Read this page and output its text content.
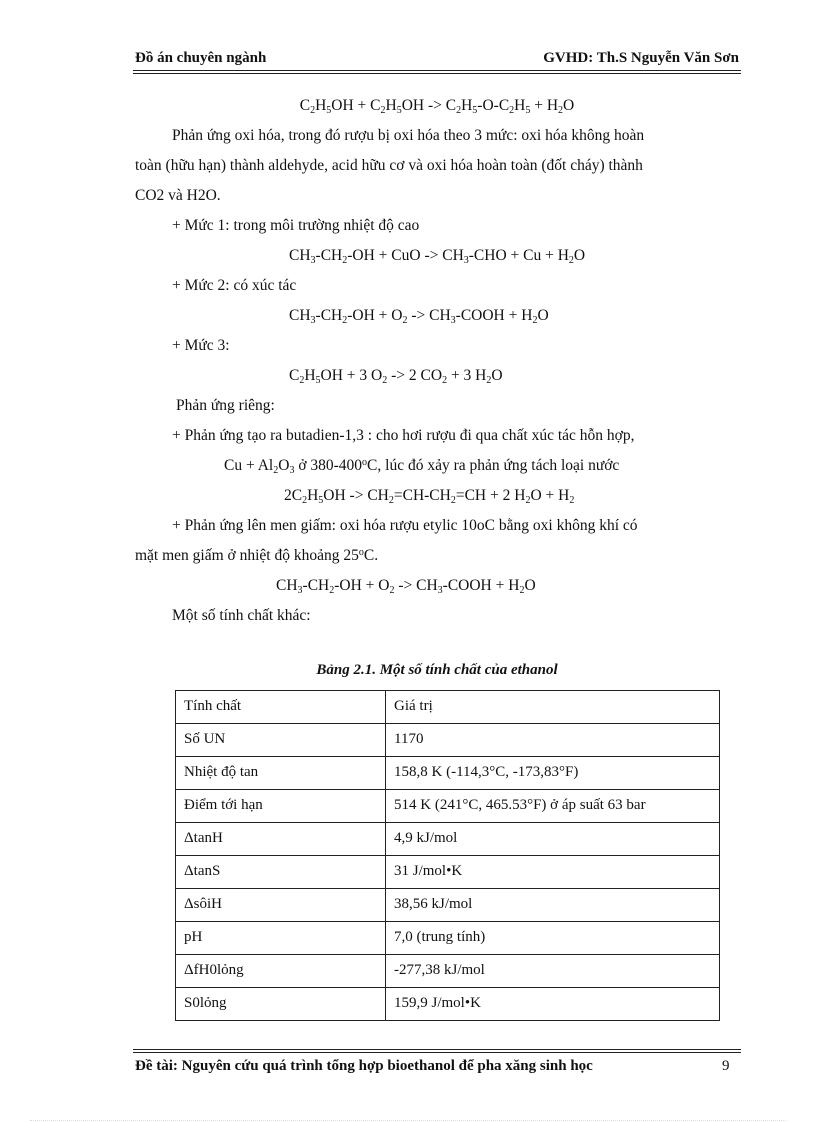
Đồ án chuyên ngành	GVHD: Th.S Nguyễn Văn Sơn
$C_2H_5OH + C_2H_5OH -> C_2H_5-O-C_2H_5 + H_2O$
Phản ứng oxi hóa, trong đó rượu bị oxi hóa theo 3 mức: oxi hóa không hoàn
toàn (hữu hạn) thành aldehyde, acid hữu cơ và oxi hóa hoàn toàn (đốt cháy) thành
CO2 và H2O.
+ Mức 1: trong môi trường nhiệt độ cao
$CH_3-CH_2-OH$ + CuO -> $CH_3$-CHO + $Cu + H_2O$
+ Mức 2: có xúc tác
$CH_3-CH_2-OH + O_2$ -> $CH_3$-COOH + $H_2O$
+ Mức 3:
$C_2H_5OH + 3$ $O_2 -> 2$ $CO_2 + 3$ $H_2O$
Phản ứng riêng:
+ Phản ứng tạo ra butadien-1,3 : cho hơi rượu đi qua chất xúc tác hỗn hợp,
$Cu + Al_2O_3$ ở 380-400$^o$C, lúc đó xảy ra phản ứng tách loại nước
$2C_2H_5OH -> CH_2=CH-CH_2=CH + 2$ $H_2O + H_2$
+ Phản ứng lên men giấm: oxi hóa rượu etylic 10oC bằng oxi không khí có
mặt men giấm ở nhiệt độ khoảng 25$^o$C.
$CH_3-CH_2-OH + O_2$ -> $CH_3$-COOH + $H_2O$
Một số tính chất khác:
Bảng 2.1. Một số tính chất của ethanol
Tính chất	Giá trị
Số UN	1170
Nhiệt độ tan	158,8 K (-114,3°C, -173,83°F)
Điểm tới hạn	514 K (241°C, 465.53°F) ở áp suất 63 bar
ΔtanH	4,9 kJ/mol
ΔtanS	31 J/mol•K
ΔsôiH	38,56 kJ/mol
pH	7,0 (trung tính)
ΔfH0lỏng	-277,38 kJ/mol
S0lỏng	159,9 J/mol•K
Đề tài: Nguyên cứu quá trình tổng hợp bioethanol để pha xăng sinh học	9
